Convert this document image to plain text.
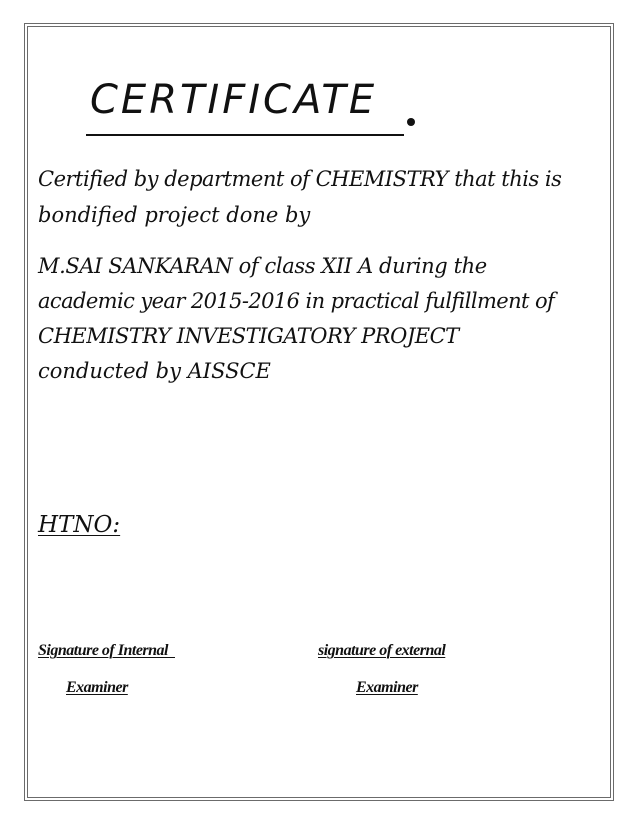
CERTIFICATE
Certified by department of CHEMISTRY that this is
bondified project done by
M.SAI SANKARAN of class XII A during the
academic year 2015-2016 in practical fulfillment of
CHEMISTRY INVESTIGATORY PROJECT
conducted by AISSCE
HTNO:
Signature of Internal	signature of external
Examiner	Examiner
